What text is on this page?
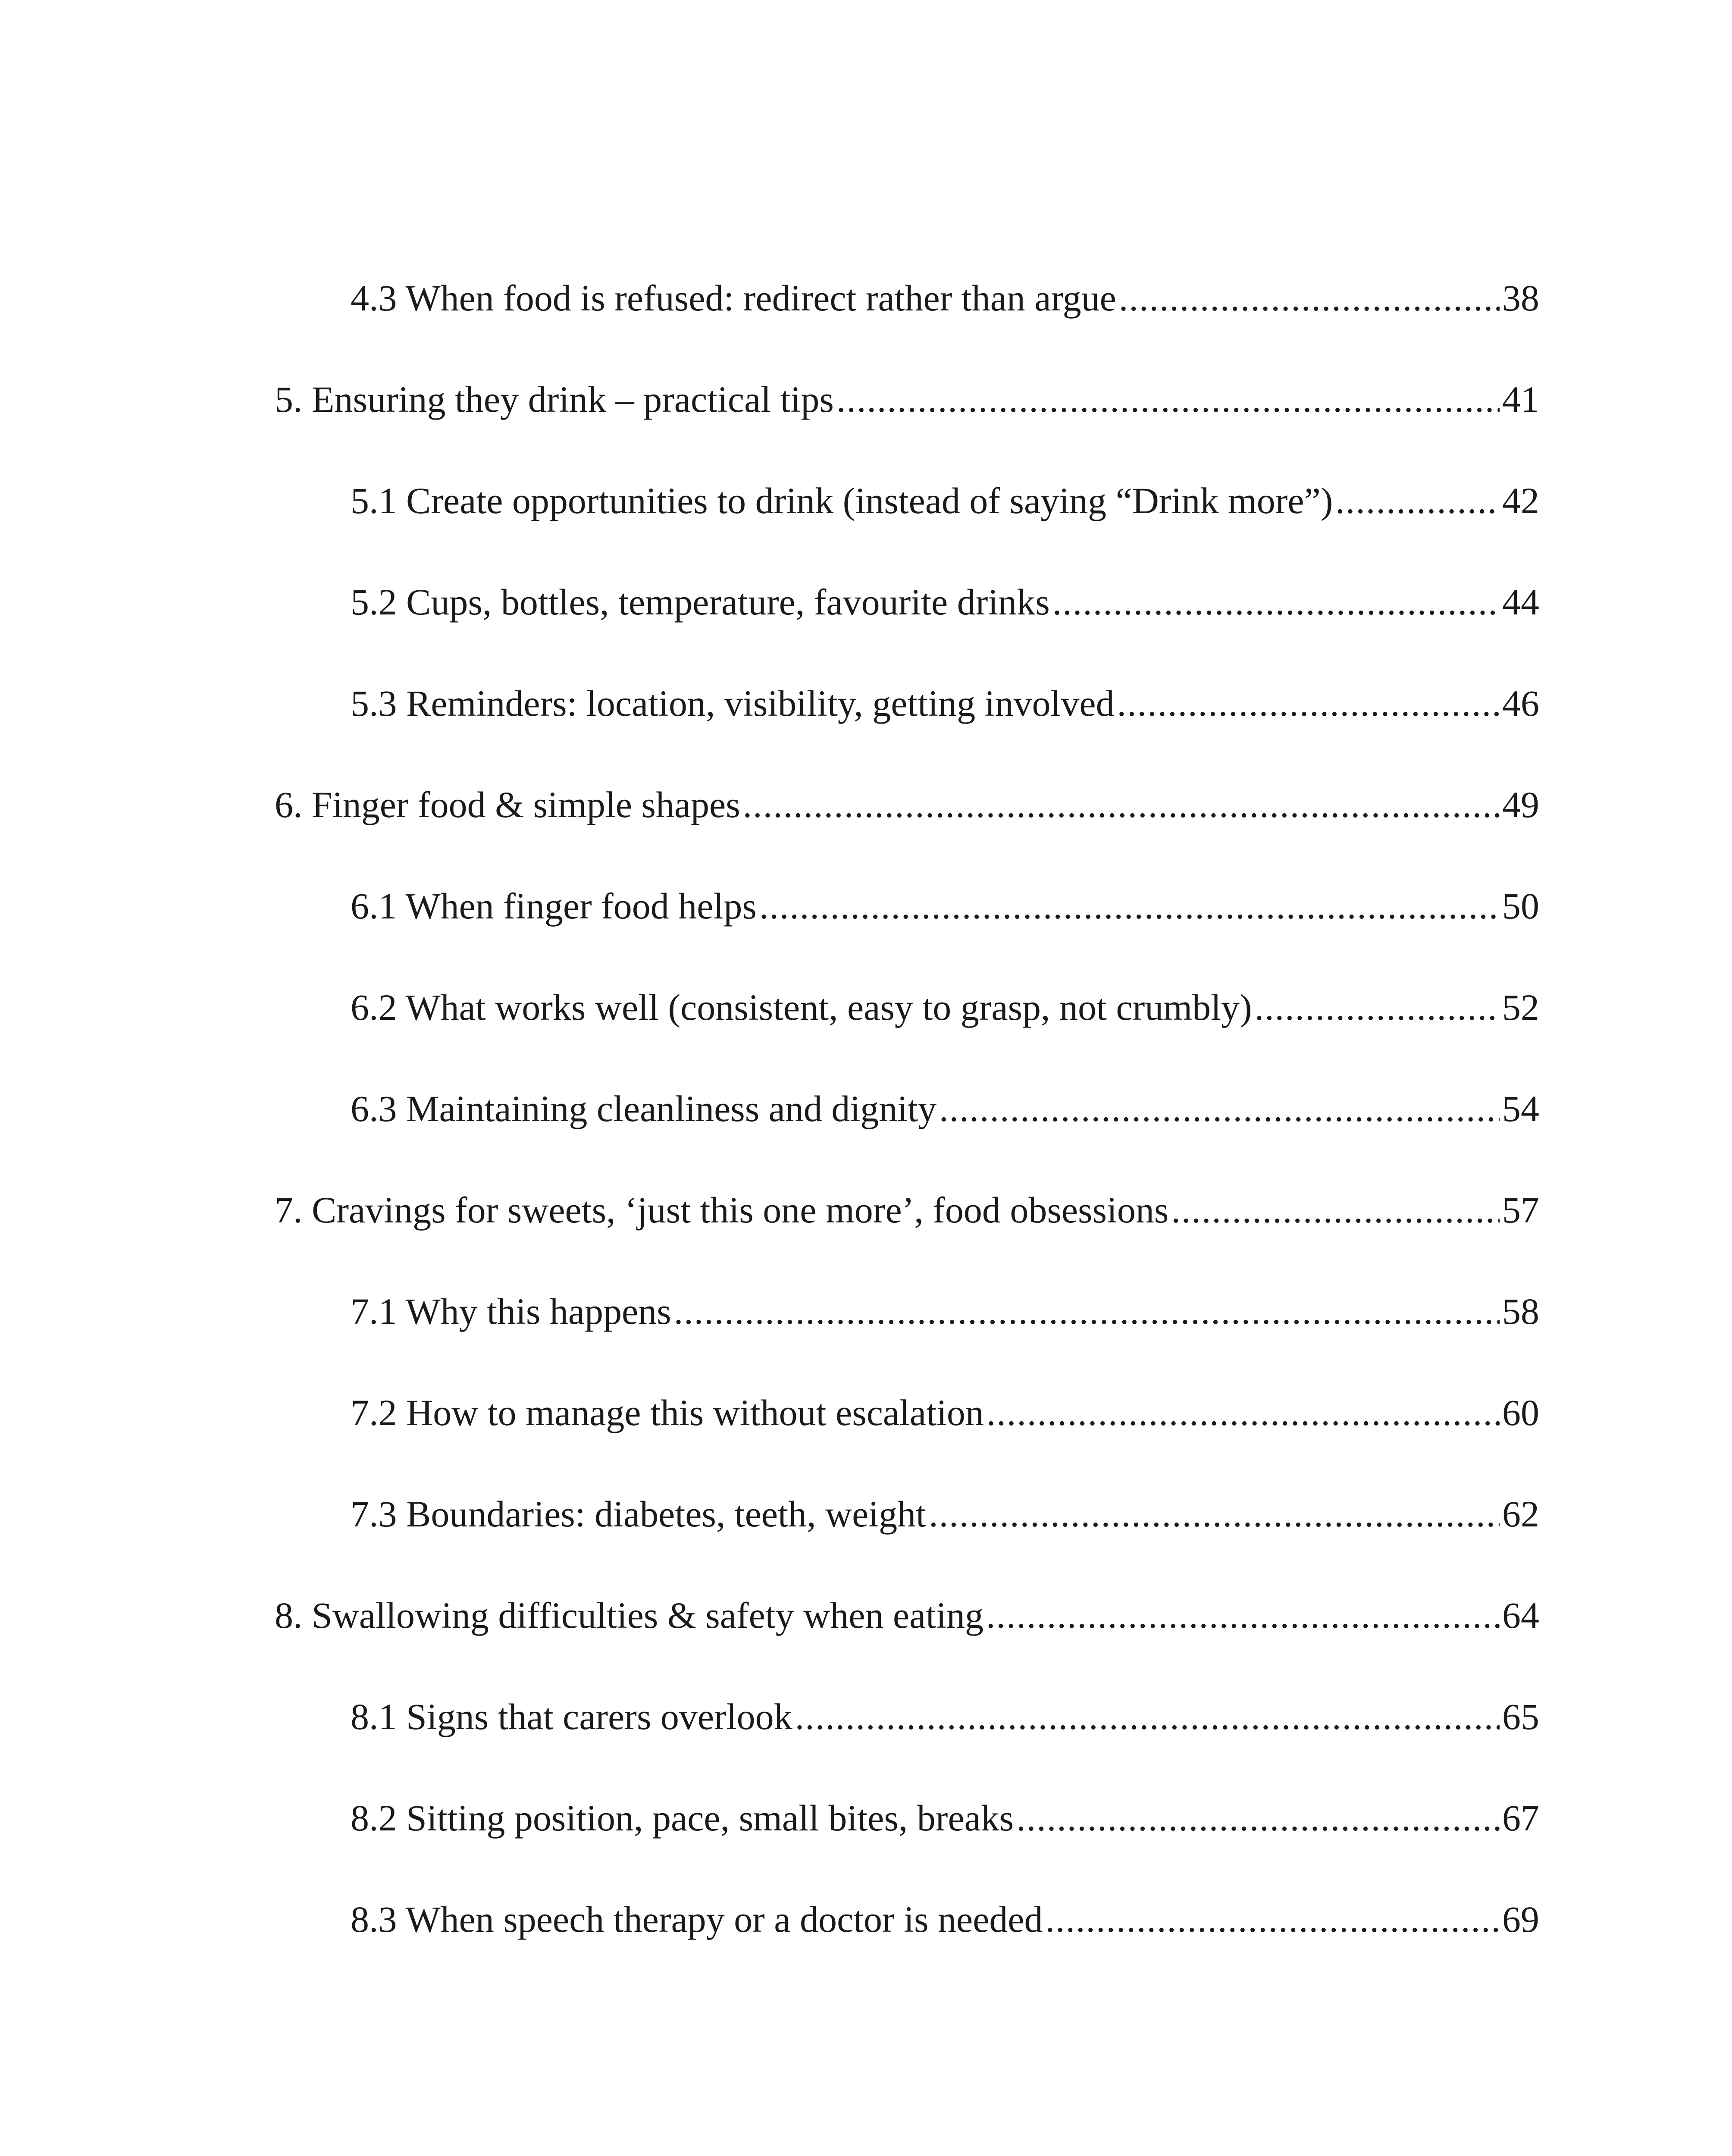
4.3 When food is refused: redirect rather than argue .....	38
5. Ensuring they drink – practical tips .....	41
5.1 Create opportunities to drink (instead of saying “Drink more”) .....	42
5.2 Cups, bottles, temperature, favourite drinks .....	44
5.3 Reminders: location, visibility, getting involved .....	46
6. Finger food & simple shapes .....	49
6.1 When finger food helps .....	50
6.2 What works well (consistent, easy to grasp, not crumbly) .....	52
6.3 Maintaining cleanliness and dignity .....	54
7. Cravings for sweets, ‘just this one more’, food obsessions .....	57
7.1 Why this happens .....	58
7.2 How to manage this without escalation .....	60
7.3 Boundaries: diabetes, teeth, weight .....	62
8. Swallowing difficulties & safety when eating .....	64
8.1 Signs that carers overlook .....	65
8.2 Sitting position, pace, small bites, breaks .....	67
8.3 When speech therapy or a doctor is needed .....	69
